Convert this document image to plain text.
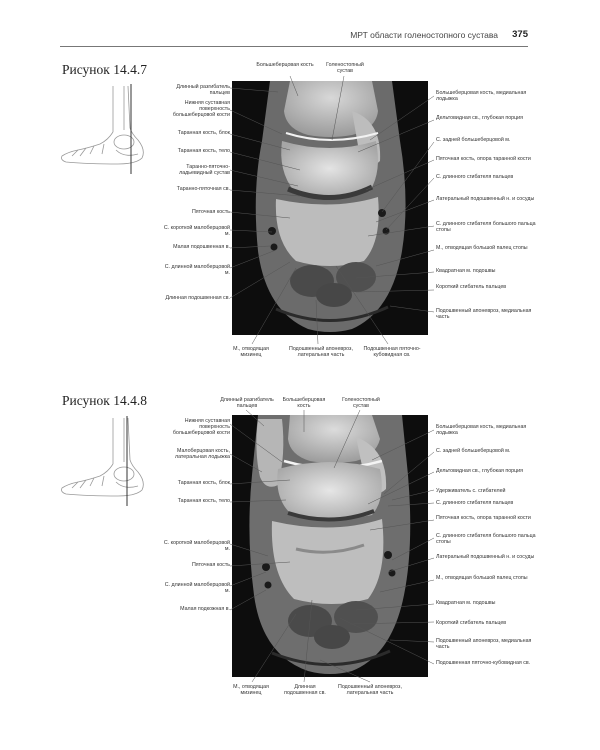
МРТ области голеностопного сустава 375
Рисунок 14.4.7	Большеберцовая кость	Голеностопный сустав
Длинный разгибатель пальцев
Нижняя суставная поверхность большеберцовой кости
Таранная кость, блок
Таранная кость, тело
Таранно-пяточно-ладьевидный сустав
Таранно-пяточная св.
Пяточная кость
С. короткой малоберцовой м.
Малая подошвенная в.
С. длинной малоберцовой м.
Длинная подошвенная св.
Большеберцовая кость, медиальная лодыжка
Дельтовидная св., глубокая порция
С. задней большеберцовой м.
Пяточная кость, опора таранной кости
С. длинного сгибателя пальцев
Латеральный подошвенный н. и сосуды
С. длинного сгибателя большого пальца стопы
М., отводящая большой палец стопы
Квадратная м. подошвы
Короткий сгибатель пальцев
Подошвенный апоневроз, медиальная часть
М., отводящая мизинец
Подошвенный апоневроз, латеральная часть
Подошвенная пяточно-кубовидная св.
Рисунок 14.4.8	Длинный разгибатель пальцев
Большеберцовая кость
Голеностопный сустав
Нижняя суставная поверхность большеберцовой кости
Малоберцовая кость, латеральная лодыжка
Таранная кость, блок
Таранная кость, тело
С. короткой малоберцовой м.
Пяточная кость
С. длинной малоберцовой м.
Малая подкожная в.
Большеберцовая кость, медиальная лодыжка
С. задней большеберцовой м.
Дельтовидная св., глубокая порция
Удерживатель с. сгибателей
С. длинного сгибателя пальцев
Пяточная кость, опора таранной кости
С. длинного сгибателя большого пальца стопы
Латеральный подошвенный н. и сосуды
М., отводящая большой палец стопы
Квадратная м. подошвы
Короткий сгибатель пальцев
Подошвенный апоневроз, медиальная часть
Подошвенная пяточно-кубовидная св.
М., отводящая мизинец
Длинная подошвенная св.
Подошвенный апоневроз, латеральная часть
